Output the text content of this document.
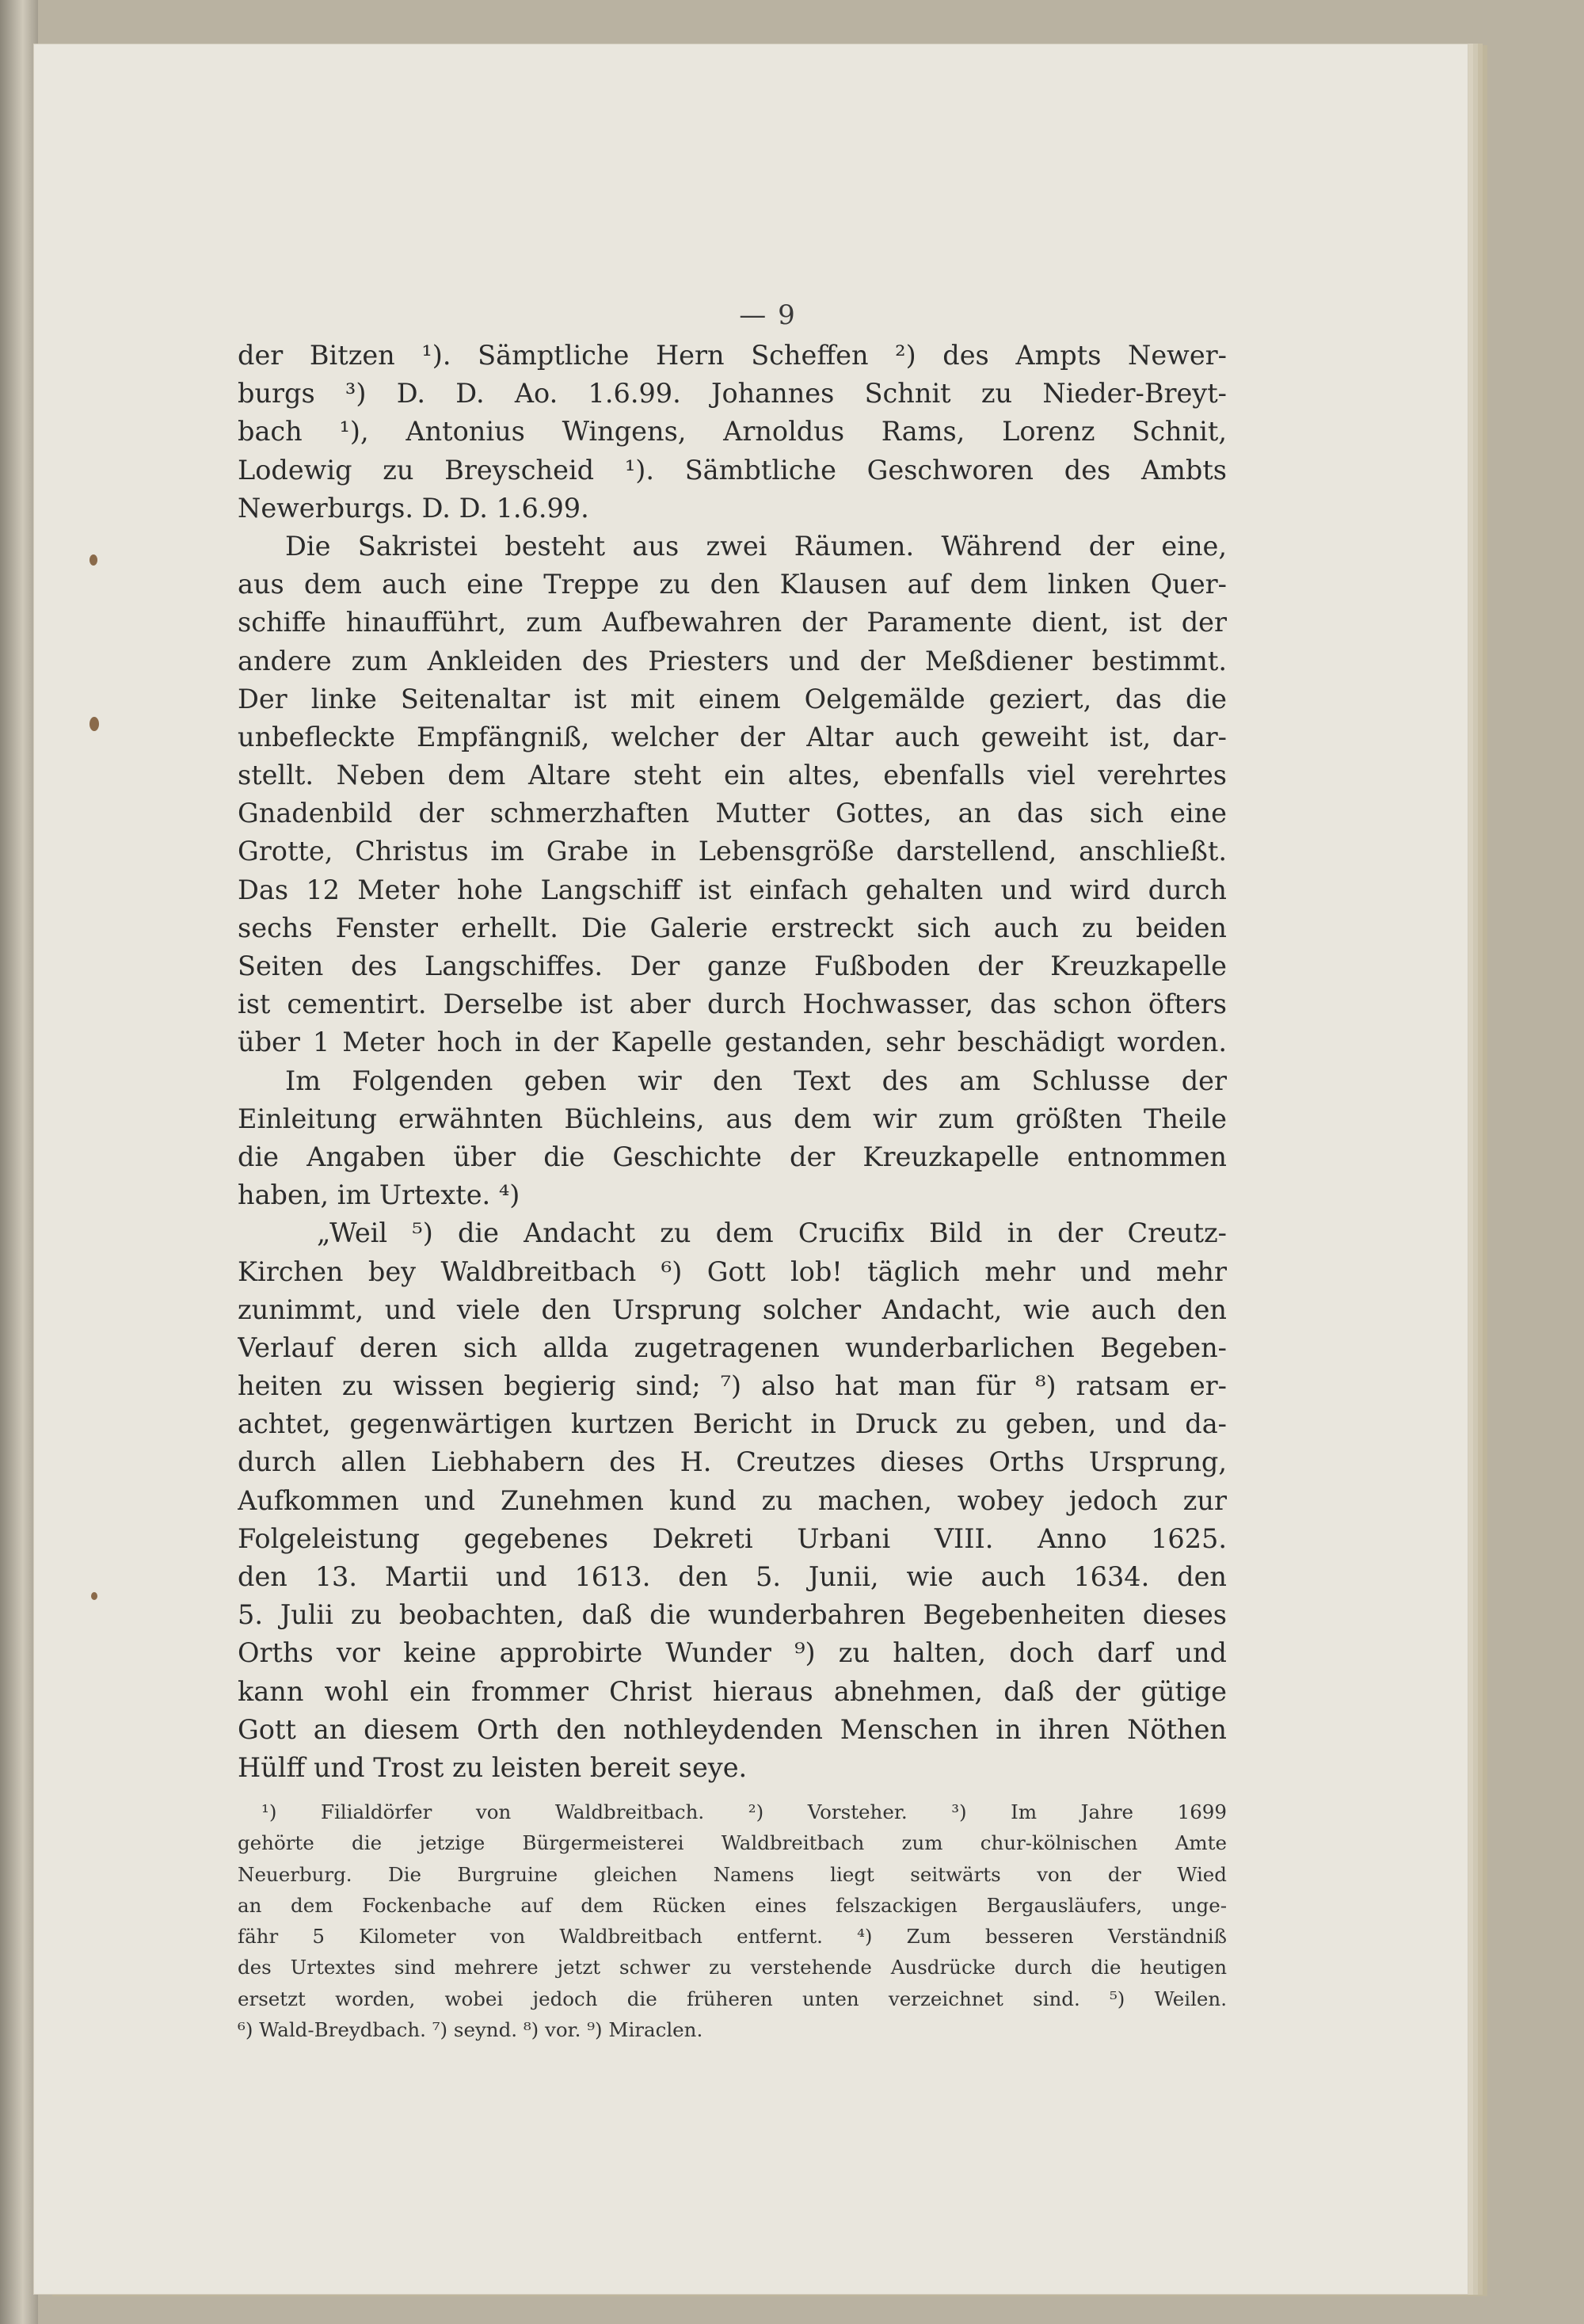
— 9
der Bitzen ¹). Sämptliche Hern Scheffen ²) des Ampts Newer-
burgs ³) D. D. Ao. 1.6.99. Johannes Schnit zu Nieder-Breyt-
bach ¹), Antonius Wingens, Arnoldus Rams, Lorenz Schnit,
Lodewig zu Breyscheid ¹). Sämbtliche Geschworen des Ambts
Newerburgs. D. D. 1.6.99.
Die Sakristei besteht aus zwei Räumen. Während der eine,
aus dem auch eine Treppe zu den Klausen auf dem linken Quer-
schiffe hinaufführt, zum Aufbewahren der Paramente dient, ist der
andere zum Ankleiden des Priesters und der Meßdiener bestimmt.
Der linke Seitenaltar ist mit einem Oelgemälde geziert, das die
unbefleckte Empfängniß, welcher der Altar auch geweiht ist, dar-
stellt. Neben dem Altare steht ein altes, ebenfalls viel verehrtes
Gnadenbild der schmerzhaften Mutter Gottes, an das sich eine
Grotte, Christus im Grabe in Lebensgröße darstellend, anschließt.
Das 12 Meter hohe Langschiff ist einfach gehalten und wird durch
sechs Fenster erhellt. Die Galerie erstreckt sich auch zu beiden
Seiten des Langschiffes. Der ganze Fußboden der Kreuzkapelle
ist cementirt. Derselbe ist aber durch Hochwasser, das schon öfters
über 1 Meter hoch in der Kapelle gestanden, sehr beschädigt worden.
Im Folgenden geben wir den Text des am Schlusse der
Einleitung erwähnten Büchleins, aus dem wir zum größten Theile
die Angaben über die Geschichte der Kreuzkapelle entnommen
haben, im Urtexte. ⁴)
„Weil ⁵) die Andacht zu dem Crucifix Bild in der Creutz-
Kirchen bey Waldbreitbach ⁶) Gott lob! täglich mehr und mehr
zunimmt, und viele den Ursprung solcher Andacht, wie auch den
Verlauf deren sich allda zugetragenen wunderbarlichen Begeben-
heiten zu wissen begierig sind; ⁷) also hat man für ⁸) ratsam er-
achtet, gegenwärtigen kurtzen Bericht in Druck zu geben, und da-
durch allen Liebhabern des H. Creutzes dieses Orths Ursprung,
Aufkommen und Zunehmen kund zu machen, wobey jedoch zur
Folgeleistung gegebenes Dekreti Urbani VIII. Anno 1625.
den 13. Martii und 1613. den 5. Junii, wie auch 1634. den
5. Julii zu beobachten, daß die wunderbahren Begebenheiten dieses
Orths vor keine approbirte Wunder ⁹) zu halten, doch darf und
kann wohl ein frommer Christ hieraus abnehmen, daß der gütige
Gott an diesem Orth den nothleydenden Menschen in ihren Nöthen
Hülff und Trost zu leisten bereit seye.
¹) Filialdörfer von Waldbreitbach. ²) Vorsteher. ³) Im Jahre 1699
gehörte die jetzige Bürgermeisterei Waldbreitbach zum chur-kölnischen Amte
Neuerburg. Die Burgruine gleichen Namens liegt seitwärts von der Wied
an dem Fockenbache auf dem Rücken eines felszackigen Bergausläufers, unge-
fähr 5 Kilometer von Waldbreitbach entfernt. ⁴) Zum besseren Verständniß
des Urtextes sind mehrere jetzt schwer zu verstehende Ausdrücke durch die heutigen
ersetzt worden, wobei jedoch die früheren unten verzeichnet sind. ⁵) Weilen.
⁶) Wald-Breydbach. ⁷) seynd. ⁸) vor. ⁹) Miraclen.
